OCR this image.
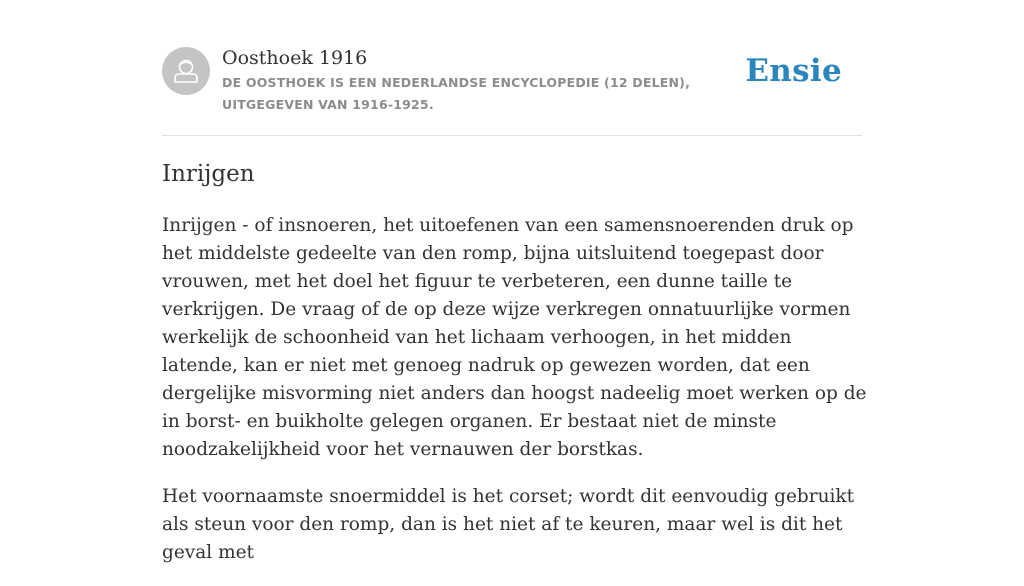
Oosthoek 1916
DE OOSTHOEK IS EEN NEDERLANDSE ENCYCLOPEDIE (12 DELEN), UITGEGEVEN VAN 1916-1925.
Ensie
Inrijgen

Inrijgen - of insnoeren, het uitoefenen van een samensnoerenden druk op het middelste gedeelte van den romp, bijna uitsluitend toegepast door vrouwen, met het doel het figuur te verbeteren, een dunne taille te verkrijgen. De vraag of de op deze wijze verkregen onnatuurlijke vormen werkelijk de schoonheid van het lichaam verhoogen, in het midden latende, kan er niet met genoeg nadruk op gewezen worden, dat een dergelijke misvorming niet anders dan hoogst nadeelig moet werken op de in borst- en buikholte gelegen organen. Er bestaat niet de minste noodzakelijkheid voor het vernauwen der borstkas.

Het voornaamste snoermiddel is het corset; wordt dit eenvoudig gebruikt als steun voor den romp, dan is het niet af te keuren, maar wel is dit het geval met
